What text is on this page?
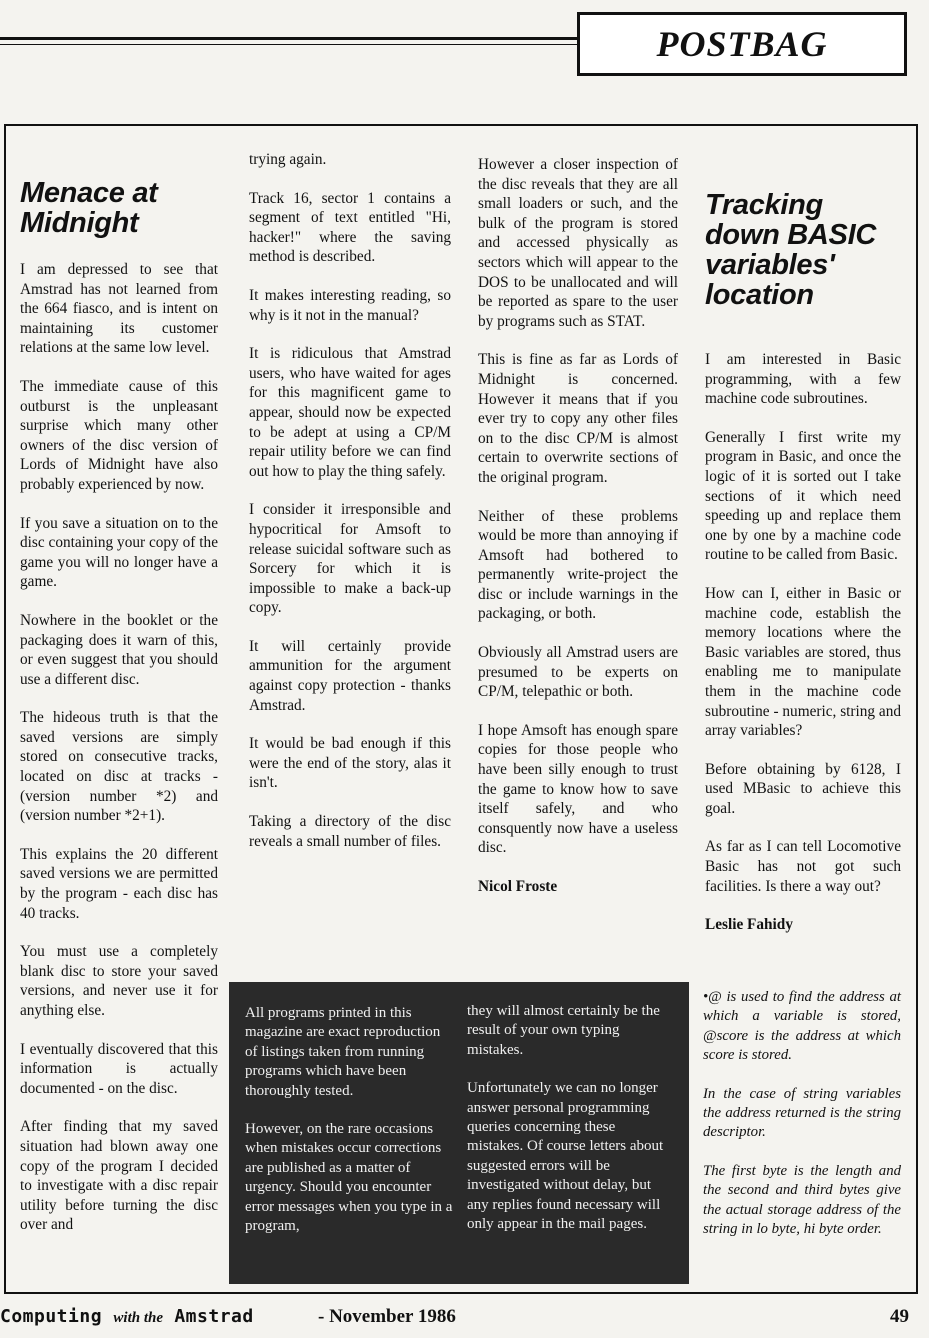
POSTBAG
Menace at Midnight

I am depressed to see that Amstrad has not learned from the 664 fiasco, and is intent on maintaining its customer relations at the same low level.

The immediate cause of this outburst is the unpleasant surprise which many other owners of the disc version of Lords of Midnight have also probably experienced by now.

If you save a situation on to the disc containing your copy of the game you will no longer have a game.

Nowhere in the booklet or the packaging does it warn of this, or even suggest that you should use a different disc.

The hideous truth is that the saved versions are simply stored on consecutive tracks, located on disc at tracks - (version number *2) and (version number *2+1).

This explains the 20 different saved versions we are permitted by the program - each disc has 40 tracks.

You must use a completely blank disc to store your saved versions, and never use it for anything else.

I eventually discovered that this information is actually documented - on the disc.

After finding that my saved situation had blown away one copy of the program I decided to investigate with a disc repair utility before turning the disc over and

trying again.

Track 16, sector 1 contains a segment of text entitled "Hi, hacker!" where the saving method is described.

It makes interesting reading, so why is it not in the manual?

It is ridiculous that Amstrad users, who have waited for ages for this magnificent game to appear, should now be expected to be adept at using a CP/M repair utility before we can find out how to play the thing safely.

I consider it irresponsible and hypocritical for Amsoft to release suicidal software such as Sorcery for which it is impossible to make a back-up copy.

It will certainly provide ammunition for the argument against copy protection - thanks Amstrad.

It would be bad enough if this were the end of the story, alas it isn't.

Taking a directory of the disc reveals a small number of files.

However a closer inspection of the disc reveals that they are all small loaders or such, and the bulk of the program is stored and accessed physically as sectors which will appear to the DOS to be unallocated and will be reported as spare to the user by programs such as STAT.

This is fine as far as Lords of Midnight is concerned. However it means that if you ever try to copy any other files on to the disc CP/M is almost certain to overwrite sections of the original program.

Neither of these problems would be more than annoying if Amsoft had bothered to permanently write-project the disc or include warnings in the packaging, or both.

Obviously all Amstrad users are presumed to be experts on CP/M, telepathic or both.

I hope Amsoft has enough spare copies for those people who have been silly enough to trust the game to know how to save itself safely, and who consquently now have a useless disc.

Nicol Froste

Tracking down BASIC variables' location

I am interested in Basic programming, with a few machine code subroutines.

Generally I first write my program in Basic, and once the logic of it is sorted out I take sections of it which need speeding up and replace them one by one by a machine code routine to be called from Basic.

How can I, either in Basic or machine code, establish the memory locations where the Basic variables are stored, thus enabling me to manipulate them in the machine code subroutine - numeric, string and array variables?

Before obtaining by 6128, I used MBasic to achieve this goal.

As far as I can tell Locomotive Basic has not got such facilities. Is there a way out?

Leslie Fahidy

•@ is used to find the address at which a variable is stored, @score is the address at which score is stored.

In the case of string variables the address returned is the string descriptor.

The first byte is the length and the second and third bytes give the actual storage address of the string in lo byte, hi byte order.

All programs printed in this magazine are exact reproduction of listings taken from running programs which have been thoroughly tested.

However, on the rare occasions when mistakes occur corrections are published as a matter of urgency. Should you encounter error messages when you type in a program,

they will almost certainly be the result of your own typing mistakes.

Unfortunately we can no longer answer personal programming queries concerning these mistakes. Of course letters about suggested errors will be investigated without delay, but any replies found necessary will only appear in the mail pages.

Computing with the Amstrad	- November 1986	49
